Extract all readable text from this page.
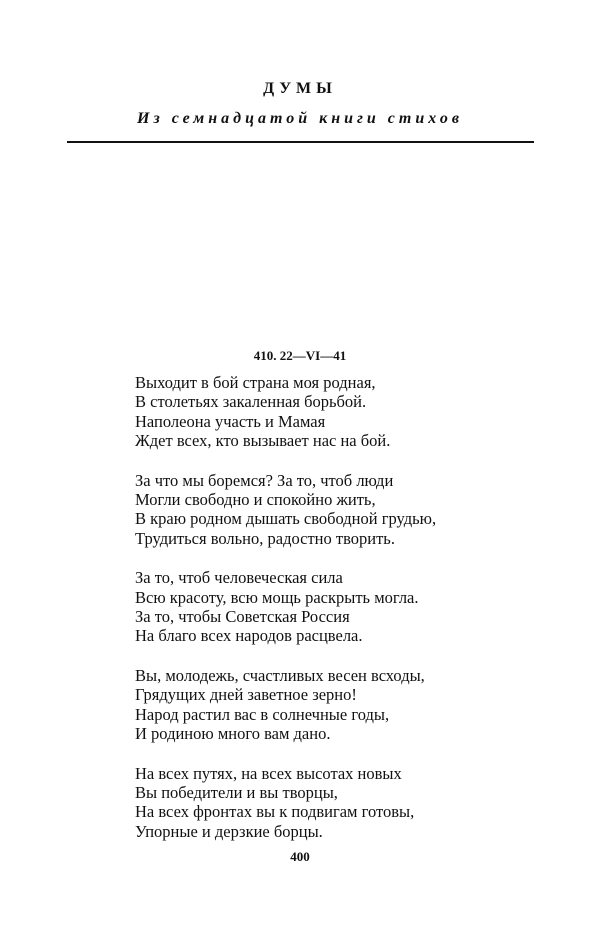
ДУМЫ
Из семнадцатой книги стихов
410. 22—VI—41
Выходит в бой страна моя родная,
В столетьях закаленная борьбой.
Наполеона участь и Мамая
Ждет всех, кто вызывает нас на бой.
За что мы боремся? За то, чтоб люди
Могли свободно и спокойно жить,
В краю родном дышать свободной грудью,
Трудиться вольно, радостно творить.
За то, чтоб человеческая сила
Всю красоту, всю мощь раскрыть могла.
За то, чтобы Советская Россия
На благо всех народов расцвела.
Вы, молодежь, счастливых весен всходы,
Грядущих дней заветное зерно!
Народ растил вас в солнечные годы,
И родиною много вам дано.
На всех путях, на всех высотах новых
Вы победители и вы творцы,
На всех фронтах вы к подвигам готовы,
Упорные и дерзкие борцы.
400
